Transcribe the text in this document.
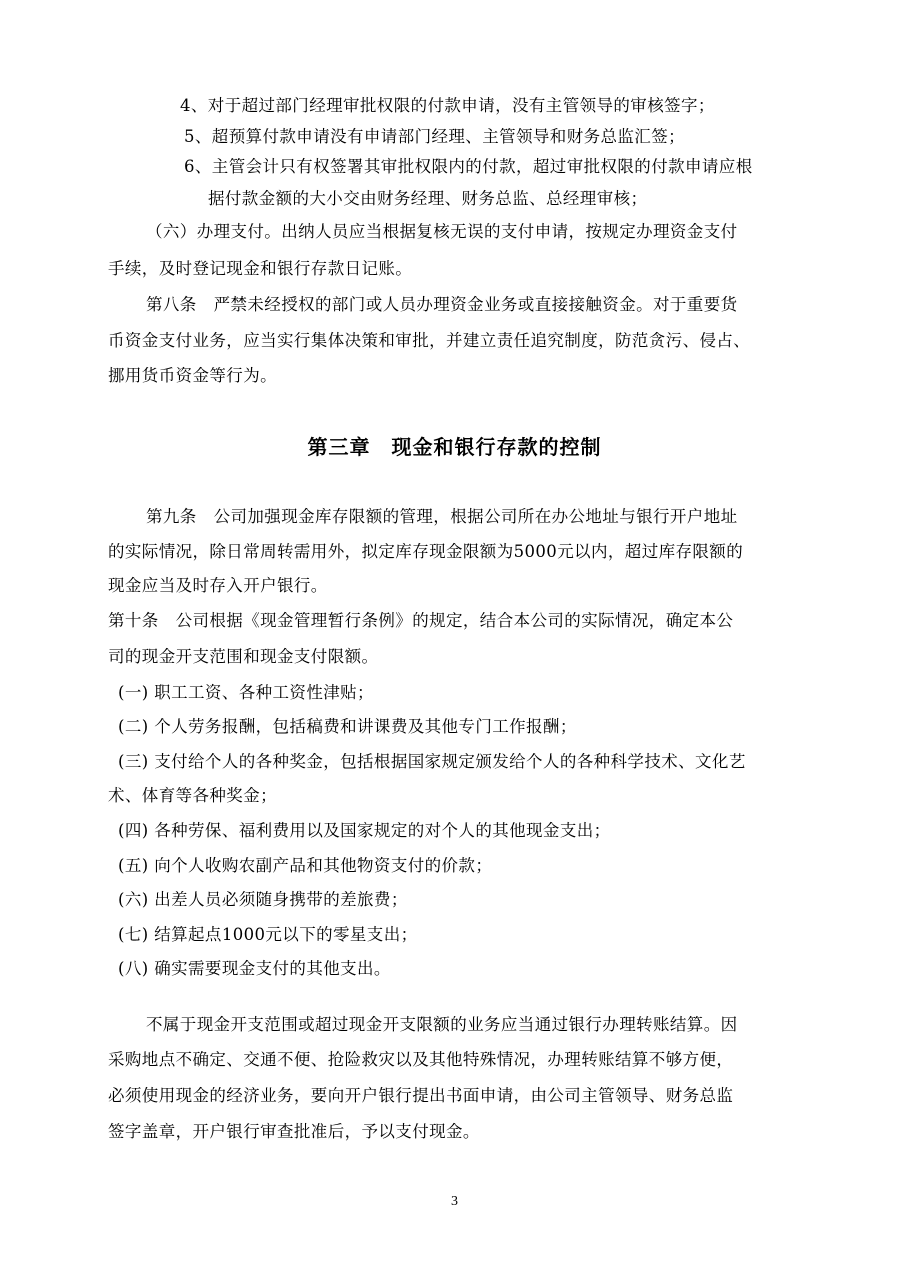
4、对于超过部门经理审批权限的付款申请，没有主管领导的审核签字；
5、超预算付款申请没有申请部门经理、主管领导和财务总监汇签；
6、主管会计只有权签署其审批权限内的付款，超过审批权限的付款申请应根
据付款金额的大小交由财务经理、财务总监、总经理审核；
（六）办理支付。出纳人员应当根据复核无误的支付申请，按规定办理资金支付
手续，及时登记现金和银行存款日记账。
第八条　严禁未经授权的部门或人员办理资金业务或直接接触资金。对于重要货
币资金支付业务，应当实行集体决策和审批，并建立责任追究制度，防范贪污、侵占、
挪用货币资金等行为。
第三章　现金和银行存款的控制
第九条　公司加强现金库存限额的管理，根据公司所在办公地址与银行开户地址
的实际情况，除日常周转需用外，拟定库存现金限额为5000元以内，超过库存限额的
现金应当及时存入开户银行。
第十条　公司根据《现金管理暂行条例》的规定，结合本公司的实际情况，确定本公
司的现金开支范围和现金支付限额。
(一) 职工工资、各种工资性津贴；
(二) 个人劳务报酬，包括稿费和讲课费及其他专门工作报酬；
(三) 支付给个人的各种奖金，包括根据国家规定颁发给个人的各种科学技术、文化艺
术、体育等各种奖金；
(四) 各种劳保、福利费用以及国家规定的对个人的其他现金支出；
(五) 向个人收购农副产品和其他物资支付的价款；
(六) 出差人员必须随身携带的差旅费；
(七) 结算起点1000元以下的零星支出；
(八) 确实需要现金支付的其他支出。
不属于现金开支范围或超过现金开支限额的业务应当通过银行办理转账结算。因
采购地点不确定、交通不便、抢险救灾以及其他特殊情况，办理转账结算不够方便，
必须使用现金的经济业务，要向开户银行提出书面申请，由公司主管领导、财务总监
签字盖章，开户银行审查批准后，予以支付现金。
3
